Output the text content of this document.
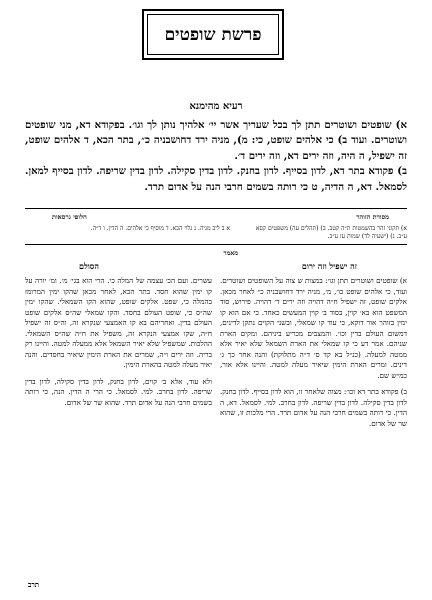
פרשת שופטים
רעיא מהימנא

א) שופטים ושוטרים תתן לך בכל שעריך אשר יי׳ אלהיך נותן לך וגו׳. בפקודא דא, מני שופטים ושוטרים. ועוד ב) כי אלהים שופט, כי: מ), מניה ירד דחושבניה כ״, בתר הכא, ד אלהים שופט, זה ישפיל, ה היה, וזה ירים דא, וזה ירים ד׳.

ב) פקודא בתר דא, לדון בסייף. לדון בחנק. לדון בדין סקילה. לדון בדין שריפה. לדון בסייף למאן. לסמאל. דא, ה הדיה, ט כי רותה בשמים חרבי הנה על אדום תרד.

מסורת הזוהר
חלופי גרסאות
א) תקוני זהר בהשמטות ת״ה קטב. ב) (תהלים עה) משפטים קסא ע״ב. ג) (ישעיה לד) שמות עז ע״ב.
א ב ליב מניה. ג גלוי הכא. ד מוסיף כי אלהים. ה הדין. ו ד״ה.
מאמר
זה ישפיל וזה ירום
הסולם

א) שופטים ושוטרים תתן וגו׳: במצות ש צוה על השופטים ושוטרים. ועוד, כי אלהים שופט כו׳, מ׳, מניה ירד דחושבניה כ״ לאחר מכאן. אלקים שופט, זה ישפיל ח״ה דהויה וזה ירים ד׳ דהויה. פירוש, סוד המשפט הוא בא׳ קוין, בסוד ב׳ קוין המעשים כאחד. כי אם הוא קו ימין בזוהר אור דוקא, כי עוד קו שמאלי, ובשני הקוים נתקן לדינים, דמשום העולם בדין וכו׳. והמצבים מכריע ביניהם. ומקים הארת שניהם. אמר דע כי קו שמאלי את הארת השמאל שלא יאיר אלא ממטה למעלה. (כנ״ל בא קד ס׳ ד״ה מתלוקת) והנה אחר כך ג׳ דינים. ומרים הארת הימין שיאיר מעלה למטה. והיינו אלא אור, כמ״ש שם.

ב) פקודא בתר דא וכו׳: מצוה שלאחר זו, הוא לדון בסייף. לדון בחנק. לדון בדין סקילה. לדון בדין שריפה. לדון בחרב. למי. לסמאל. דא, ה הדין. כי רותה בשמים חרבי הנה על אדום תרד. הרי מלכות זו, שהוא שר של אדום.

עשרים. ועם הכ׳ עצמה של המלה כי. הרי הוא בגי׳ מ׳. ומ׳ יורה על קו ימין שהוא חסד. בתר הכא, לאחר מכאן שהקו ימין המרומז בהמלה כי, שפט. אלקים שופט, שהוא הקו השמאלי. שהקו ימין שה״ס כי, שופט העולם בחסד. והקו שמאלי שה״ס אלקים שופט העולם בדין. ואחריהם בא קו האמצעי שנקרא זה, וה״ס זה ישפיל ח״ה, שקו אמצעי הנקרא זה, משפיל את ח״ה שה״ס השמאלי. ההלכות. שמשפיל שלא יאיר השמאל אלא ממעלה למטה. והיינו רק בריה. וזה ירים ו״ה, שמרים את הארת הימין שיאיר בחסדים. והנה יאיר מעלה למטה בהארת הימין.

ולא עוד, אלא ב׳ קוים, לדון בחנק, לדון בדין סקילה, לדון בדין שריפה. לדון בחרב. למי. לסמאל. כי הרי ה הדין. הנה, כי רותה בשמים חרבי הנה על אדום תרד. שהוא שר של אדום.

תרב
